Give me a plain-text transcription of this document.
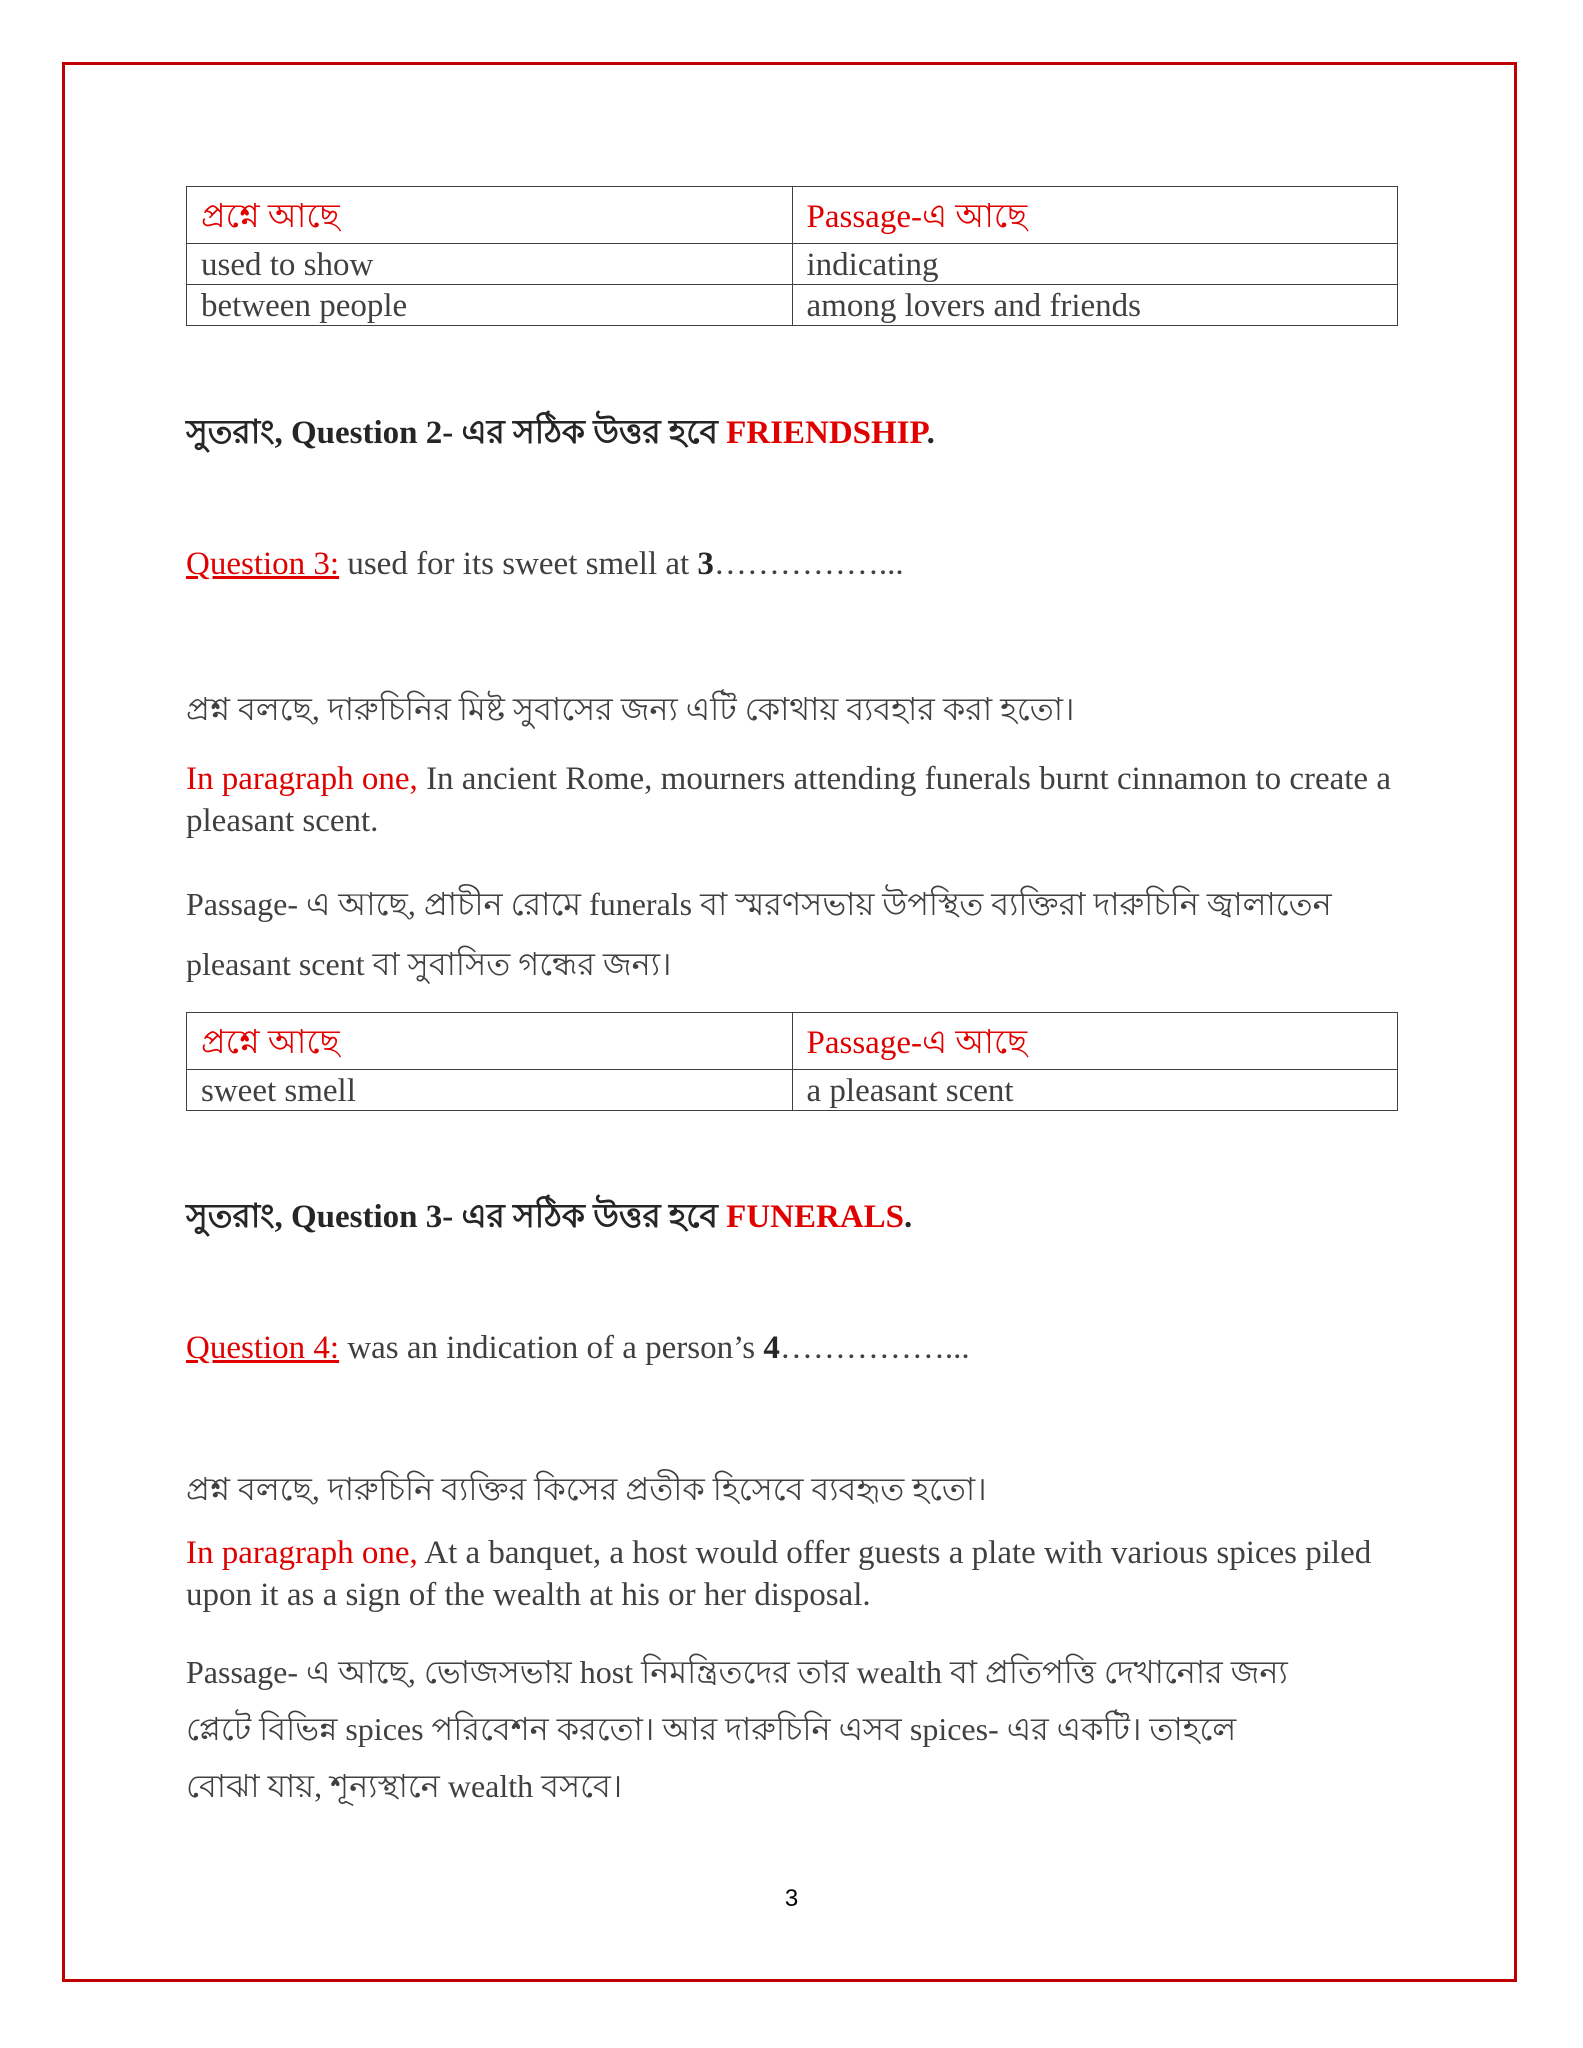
প্রশ্নে আছে	Passage-এ আছে
used to show	indicating
between people	among lovers and friends
সুতরাং, Question 2- এর সঠিক উত্তর হবে FRIENDSHIP.
Question 3: used for its sweet smell at 3……………...
প্রশ্ন বলছে, দারুচিনির মিষ্ট সুবাসের জন্য এটি কোথায় ব্যবহার করা হতো।
In paragraph one, In ancient Rome, mourners attending funerals burnt cinnamon to create a pleasant scent.
Passage- এ আছে, প্রাচীন রোমে funerals বা স্মরণসভায় উপস্থিত ব্যক্তিরা দারুচিনি জ্বালাতেন
pleasant scent বা সুবাসিত গন্ধের জন্য।
প্রশ্নে আছে	Passage-এ আছে
sweet smell	a pleasant scent
সুতরাং, Question 3- এর সঠিক উত্তর হবে FUNERALS.
Question 4: was an indication of a person’s 4……………...
প্রশ্ন বলছে, দারুচিনি ব্যক্তির কিসের প্রতীক হিসেবে ব্যবহৃত হতো।
In paragraph one, At a banquet, a host would offer guests a plate with various spices piled upon it as a sign of the wealth at his or her disposal.
Passage- এ আছে, ভোজসভায় host নিমন্ত্রিতদের তার wealth বা প্রতিপত্তি দেখানোর জন্য
প্লেটে বিভিন্ন spices পরিবেশন করতো। আর দারুচিনি এসব spices- এর একটি। তাহলে
বোঝা যায়, শূন্যস্থানে wealth বসবে।
3
